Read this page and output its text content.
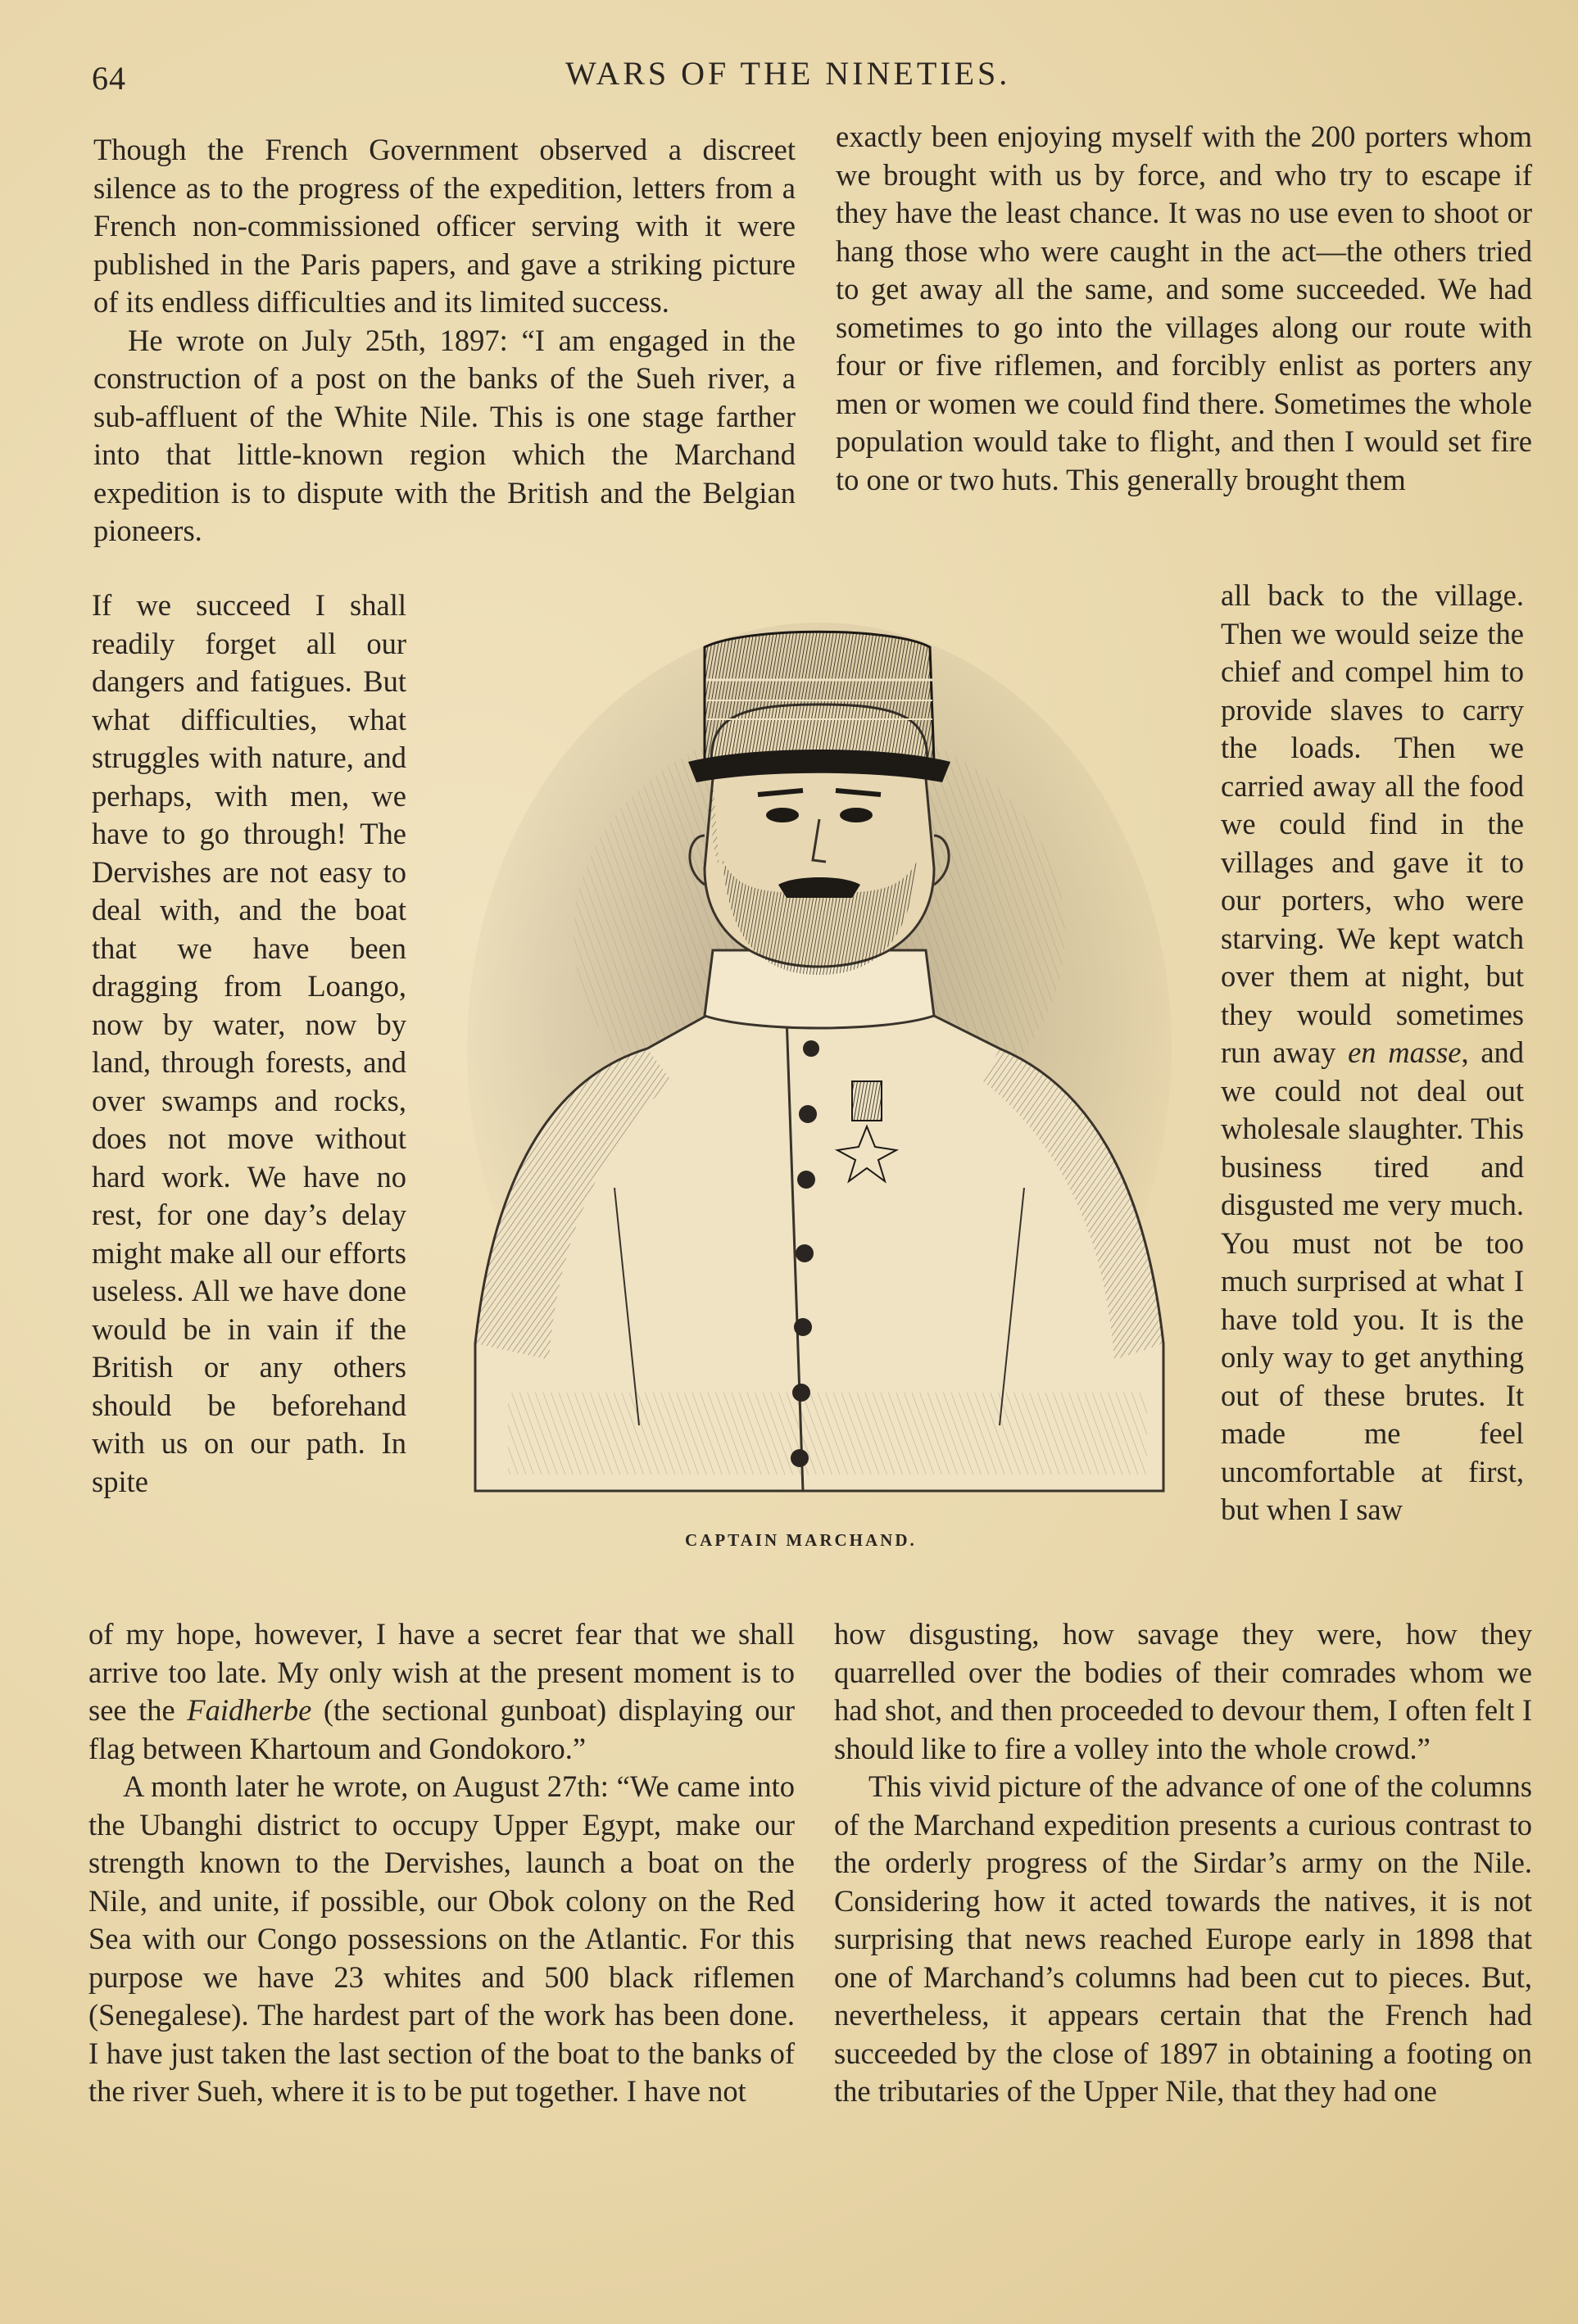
64	WARS OF THE NINETIES.

Though the French Government observed a discreet silence as to the progress of the expedition, letters from a French non-commissioned officer serving with it were published in the Paris papers, and gave a striking picture of its endless difficulties and its limited success.

He wrote on July 25th, 1897: “I am engaged in the construction of a post on the banks of the Sueh river, a sub-affluent of the White Nile. This is one stage farther into that little-known region which the Marchand expedition is to dispute with the British and the Belgian pioneers.

If we succeed I shall readily forget all our dangers and fatigues. But what difficulties, what struggles with nature, and perhaps, with men, we have to go through! The Dervishes are not easy to deal with, and the boat that we have been dragging from Loango, now by water, now by land, through forests, and over swamps and rocks, does not move without hard work. We have no rest, for one day’s delay might make all our efforts useless. All we have done would be in vain if the British or any others should be beforehand with us on our path. In spite

of my hope, however, I have a secret fear that we shall arrive too late. My only wish at the present moment is to see the Faidherbe (the sectional gunboat) displaying our flag between Khartoum and Gondokoro.”

A month later he wrote, on August 27th: “We came into the Ubanghi district to occupy Upper Egypt, make our strength known to the Dervishes, launch a boat on the Nile, and unite, if possible, our Obok colony on the Red Sea with our Congo possessions on the Atlantic. For this purpose we have 23 whites and 500 black riflemen (Senegalese). The hardest part of the work has been done. I have just taken the last section of the boat to the banks of the river Sueh, where it is to be put together. I have not

exactly been enjoying myself with the 200 porters whom we brought with us by force, and who try to escape if they have the least chance. It was no use even to shoot or hang those who were caught in the act—the others tried to get away all the same, and some succeeded. We had sometimes to go into the villages along our route with four or five riflemen, and forcibly enlist as porters any men or women we could find there. Sometimes the whole population would take to flight, and then I would set fire to one or two huts. This generally brought them

all back to the village. Then we would seize the chief and compel him to provide slaves to carry the loads. Then we carried away all the food we could find in the villages and gave it to our porters, who were starving. We kept watch over them at night, but they would sometimes run away en masse, and we could not deal out wholesale slaughter. This business tired and disgusted me very much. You must not be too much surprised at what I have told you. It is the only way to get anything out of these brutes. It made me feel uncomfortable at first, but when I saw

how disgusting, how savage they were, how they quarrelled over the bodies of their comrades whom we had shot, and then proceeded to devour them, I often felt I should like to fire a volley into the whole crowd.”

This vivid picture of the advance of one of the columns of the Marchand expedition presents a curious contrast to the orderly progress of the Sirdar’s army on the Nile. Considering how it acted towards the natives, it is not surprising that news reached Europe early in 1898 that one of Marchand’s columns had been cut to pieces. But, nevertheless, it appears certain that the French had succeeded by the close of 1897 in obtaining a footing on the tributaries of the Upper Nile, that they had one

CAPTAIN MARCHAND.
